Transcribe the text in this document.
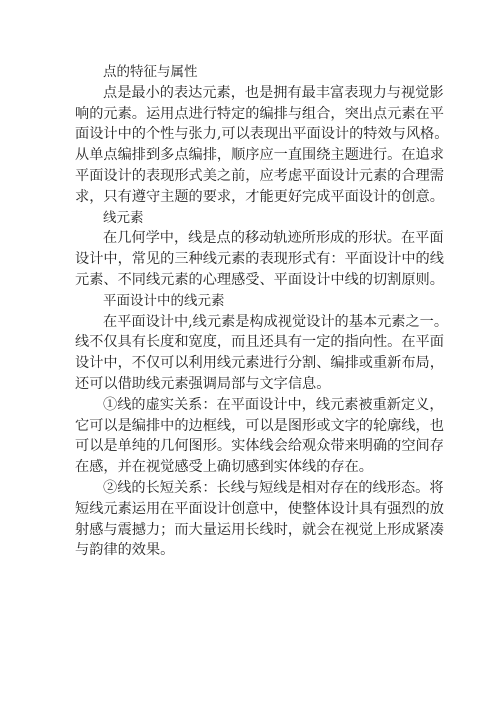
点的特征与属性
点是最小的表达元素，也是拥有最丰富表现力与视觉影
响的元素。运用点进行特定的编排与组合，突出点元素在平
面设计中的个性与张力,可以表现出平面设计的特效与风格。
从单点编排到多点编排，顺序应一直围绕主题进行。在追求
平面设计的表现形式美之前，应考虑平面设计元素的合理需
求，只有遵守主题的要求，才能更好完成平面设计的创意。
线元素
在几何学中，线是点的移动轨迹所形成的形状。在平面
设计中，常见的三种线元素的表现形式有：平面设计中的线
元素、不同线元素的心理感受、平面设计中线的切割原则。
平面设计中的线元素
在平面设计中,线元素是构成视觉设计的基本元素之一。
线不仅具有长度和宽度，而且还具有一定的指向性。在平面
设计中，不仅可以利用线元素进行分割、编排或重新布局，
还可以借助线元素强调局部与文字信息。
①线的虚实关系：在平面设计中，线元素被重新定义，
它可以是编排中的边框线，可以是图形或文字的轮廓线，也
可以是单纯的几何图形。实体线会给观众带来明确的空间存
在感，并在视觉感受上确切感到实体线的存在。
②线的长短关系：长线与短线是相对存在的线形态。将
短线元素运用在平面设计创意中，使整体设计具有强烈的放
射感与震撼力；而大量运用长线时，就会在视觉上形成紧凑
与韵律的效果。
